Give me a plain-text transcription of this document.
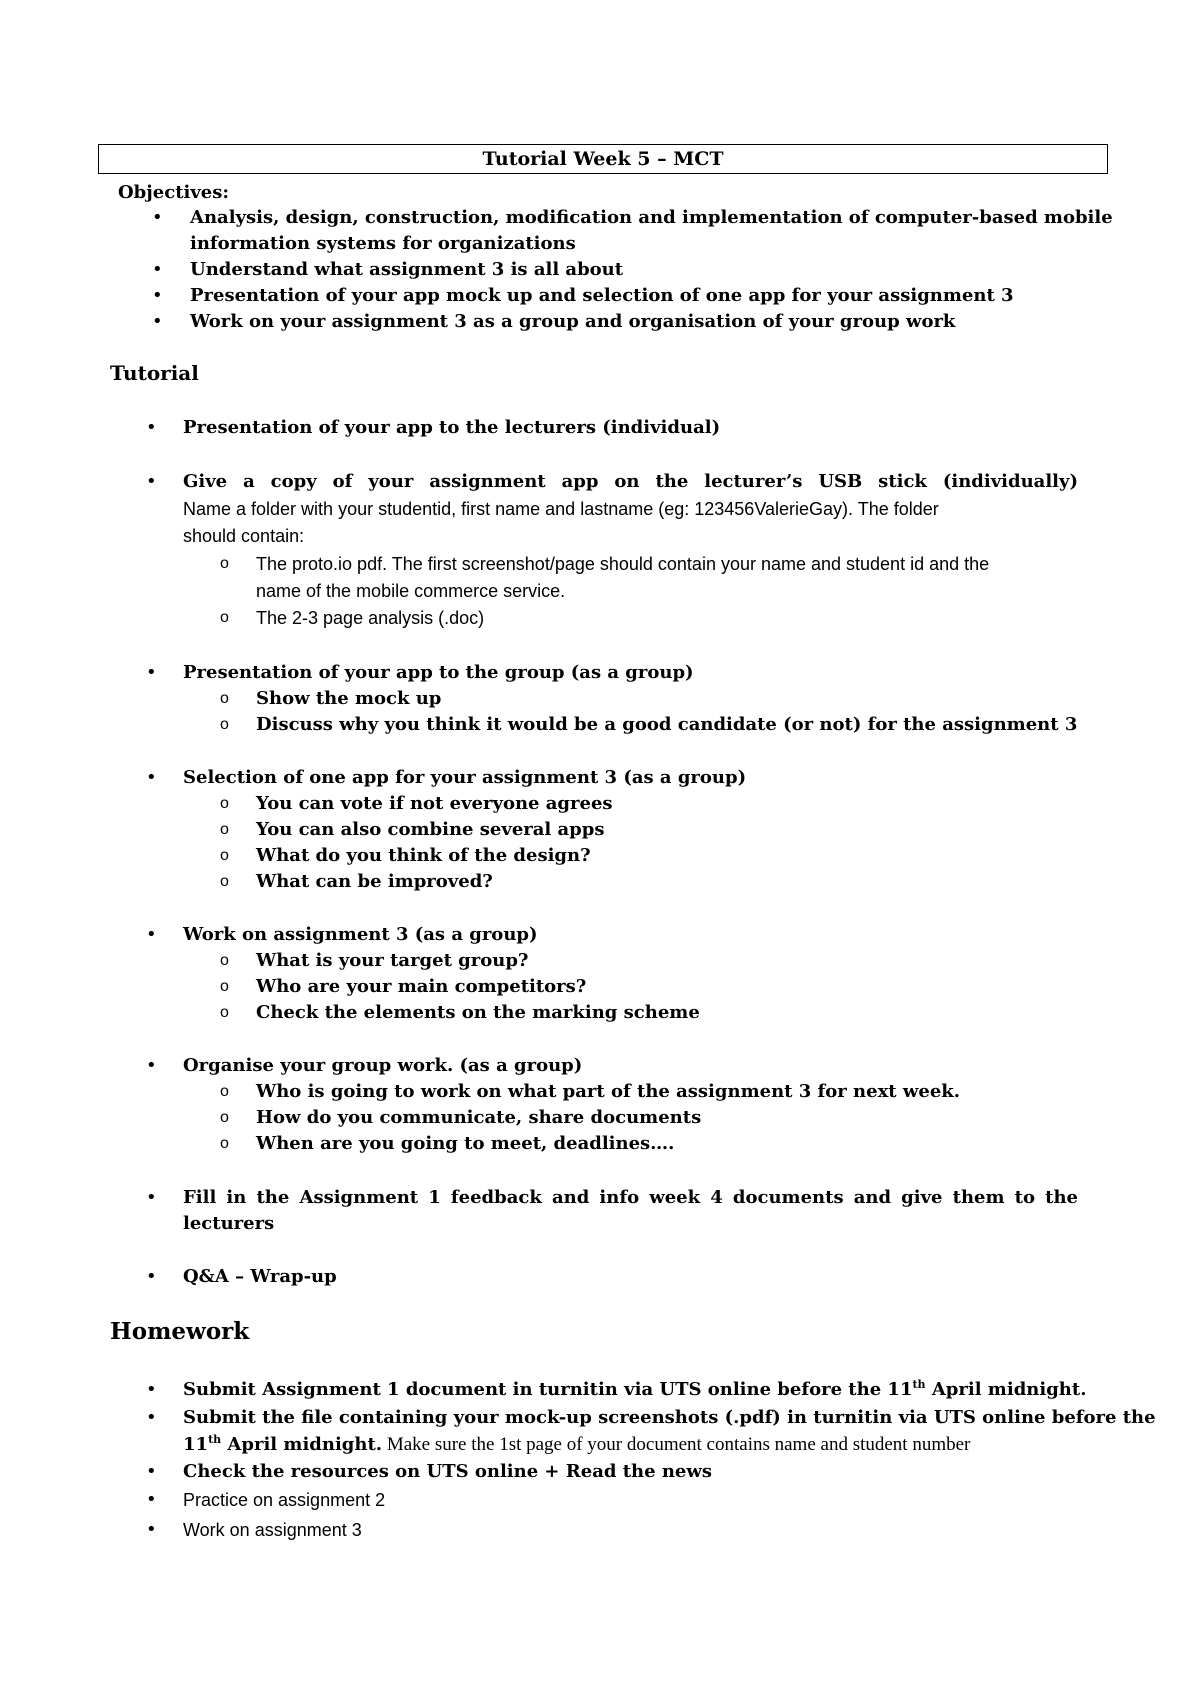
Tutorial Week 5 – MCT
Objectives:
• Analysis, design, construction, modification and implementation of computer-based mobile
information systems for organizations
• Understand what assignment 3 is all about
• Presentation of your app mock up and selection of one app for your assignment 3
• Work on your assignment 3 as a group and organisation of your group work
Tutorial
• Presentation of your app to the lecturers (individual)
• Give a copy of your assignment app on the lecturer’s USB stick (individually)
Name a folder with your studentid, first name and lastname (eg: 123456ValerieGay). The folder
should contain:
o The proto.io pdf. The first screenshot/page should contain your name and student id and the
name of the mobile commerce service.
o The 2-3 page analysis (.doc)
• Presentation of your app to the group (as a group)
o Show the mock up
o Discuss why you think it would be a good candidate (or not) for the assignment 3
• Selection of one app for your assignment 3 (as a group)
o You can vote if not everyone agrees
o You can also combine several apps
o What do you think of the design?
o What can be improved?
• Work on assignment 3 (as a group)
o What is your target group?
o Who are your main competitors?
o Check the elements on the marking scheme
• Organise your group work. (as a group)
o Who is going to work on what part of the assignment 3 for next week.
o How do you communicate, share documents
o When are you going to meet, deadlines….
• Fill in the Assignment 1 feedback and info week 4 documents and give them to the
lecturers
• Q&A – Wrap-up
Homework
• Submit Assignment 1 document in turnitin via UTS online before the 11th April midnight.
• Submit the file containing your mock-up screenshots (.pdf) in turnitin via UTS online before the
11th April midnight. Make sure the 1st page of your document contains name and student number
• Check the resources on UTS online + Read the news
• Practice on assignment 2
• Work on assignment 3
